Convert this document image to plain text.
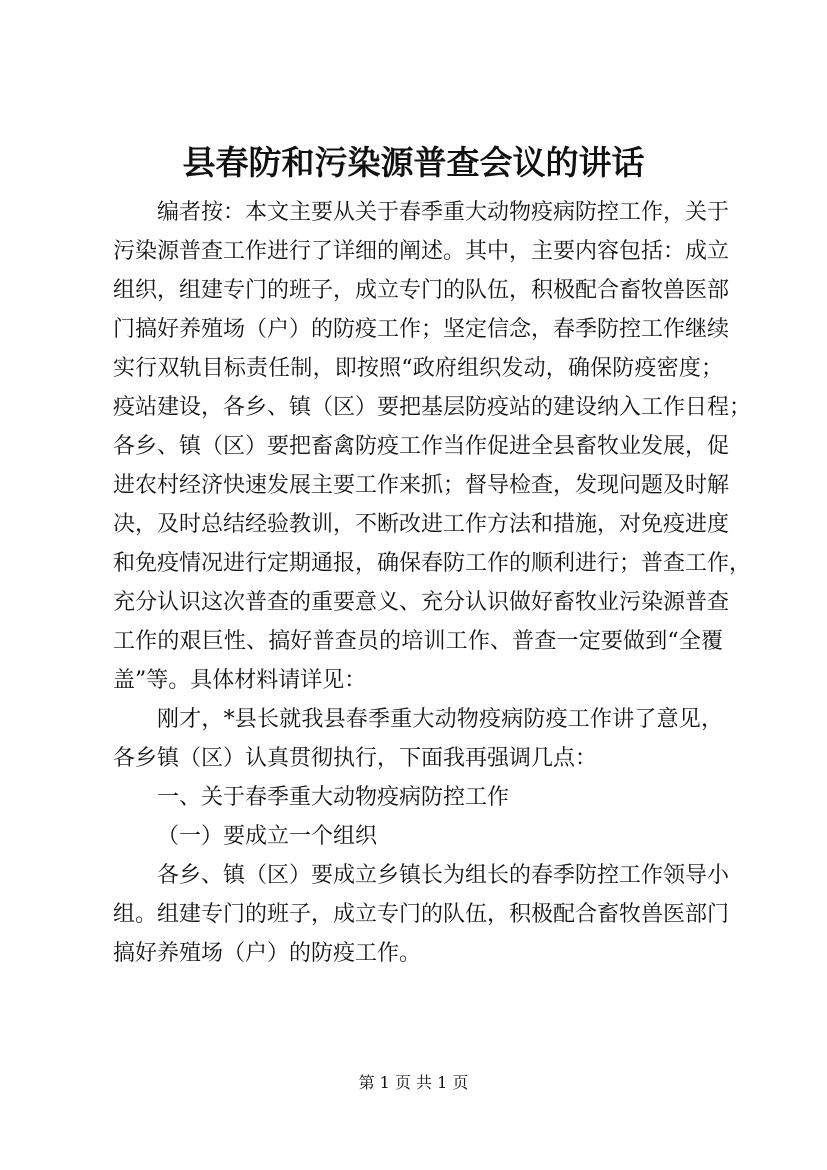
县春防和污染源普查会议的讲话
编者按：本文主要从关于春季重大动物疫病防控工作，关于
污染源普查工作进行了详细的阐述。其中，主要内容包括：成立
组织，组建专门的班子，成立专门的队伍，积极配合畜牧兽医部
门搞好养殖场（户）的防疫工作；坚定信念，春季防控工作继续
实行双轨目标责任制，即按照“政府组织发动，确保防疫密度；
疫站建设，各乡、镇（区）要把基层防疫站的建设纳入工作日程；
各乡、镇（区）要把畜禽防疫工作当作促进全县畜牧业发展，促
进农村经济快速发展主要工作来抓；督导检查，发现问题及时解
决，及时总结经验教训，不断改进工作方法和措施，对免疫进度
和免疫情况进行定期通报，确保春防工作的顺利进行；普查工作，
充分认识这次普查的重要意义、充分认识做好畜牧业污染源普查
工作的艰巨性、搞好普查员的培训工作、普查一定要做到“全覆
盖”等。具体材料请详见：
刚才，*县长就我县春季重大动物疫病防疫工作讲了意见，
各乡镇（区）认真贯彻执行，下面我再强调几点：
一、关于春季重大动物疫病防控工作
（一）要成立一个组织
各乡、镇（区）要成立乡镇长为组长的春季防控工作领导小
组。组建专门的班子，成立专门的队伍，积极配合畜牧兽医部门
搞好养殖场（户）的防疫工作。
第 1 页 共 1 页
